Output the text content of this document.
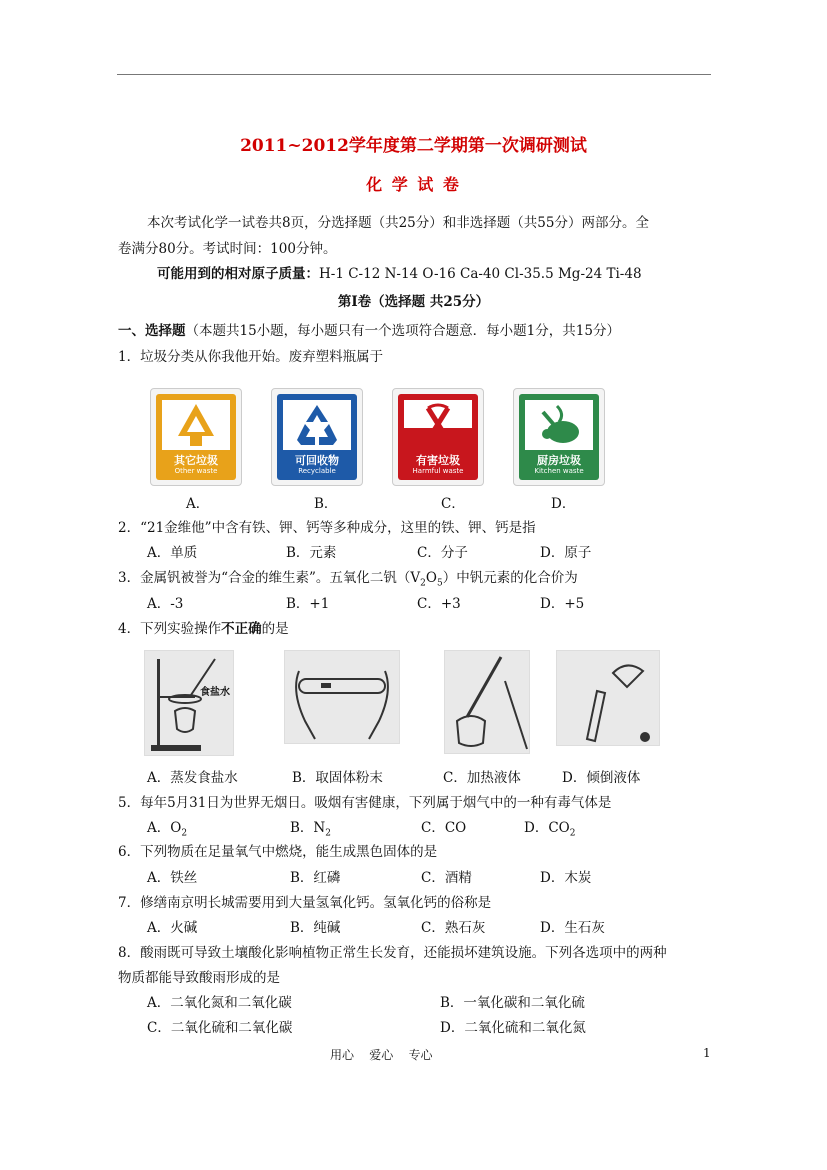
2011~2012学年度第二学期第一次调研测试
化 学 试 卷
本次考试化学一试卷共8页，分选择题（共25分）和非选择题（共55分）两部分。全
卷满分80分。考试时间：100分钟。
可能用到的相对原子质量：H-1 C-12 N-14 O-16 Ca-40 Cl-35.5 Mg-24 Ti-48
第Ⅰ卷（选择题 共25分）
一、选择题（本题共15小题，每小题只有一个选项符合题意．每小题1分，共15分）
1．垃圾分类从你我他开始。废弃塑料瓶属于
其它垃圾
Other waste
可回收物
Recyclable
有害垃圾
Harmful waste
厨房垃圾
Kitchen waste
A．	B．	C．	D．
2．“21金维他”中含有铁、钾、钙等多种成分，这里的铁、钾、钙是指
A．单质	B．元素	C．分子	D．原子
3．金属钒被誉为“合金的维生素”。五氧化二钒$(V_2O_5)$中钒元素的化合价为
A．-3	B．+1	C．+3	D．+5
4．下列实验操作不正确的是
食盐水
A．蒸发食盐水	B．取固体粉末	C．加热液体	D．倾倒液体
5．每年5月31日为世界无烟日。吸烟有害健康，下列属于烟气中的一种有毒气体是
A．$O_2$	B．$N_2$	C．CO	D．$CO_2$
6．下列物质在足量氧气中燃烧，能生成黑色固体的是
A．铁丝	B．红磷	C．酒精	D．木炭
7．修缮南京明长城需要用到大量氢氧化钙。氢氧化钙的俗称是
A．火碱	B．纯碱	C．熟石灰	D．生石灰
8．酸雨既可导致土壤酸化影响植物正常生长发育，还能损坏建筑设施。下列各选项中的两种
物质都能导致酸雨形成的是
A．二氧化氮和二氧化碳	B．一氧化碳和二氧化硫
C．二氧化硫和二氧化碳	D．二氧化硫和二氧化氮
用心    爱心    专心	1
